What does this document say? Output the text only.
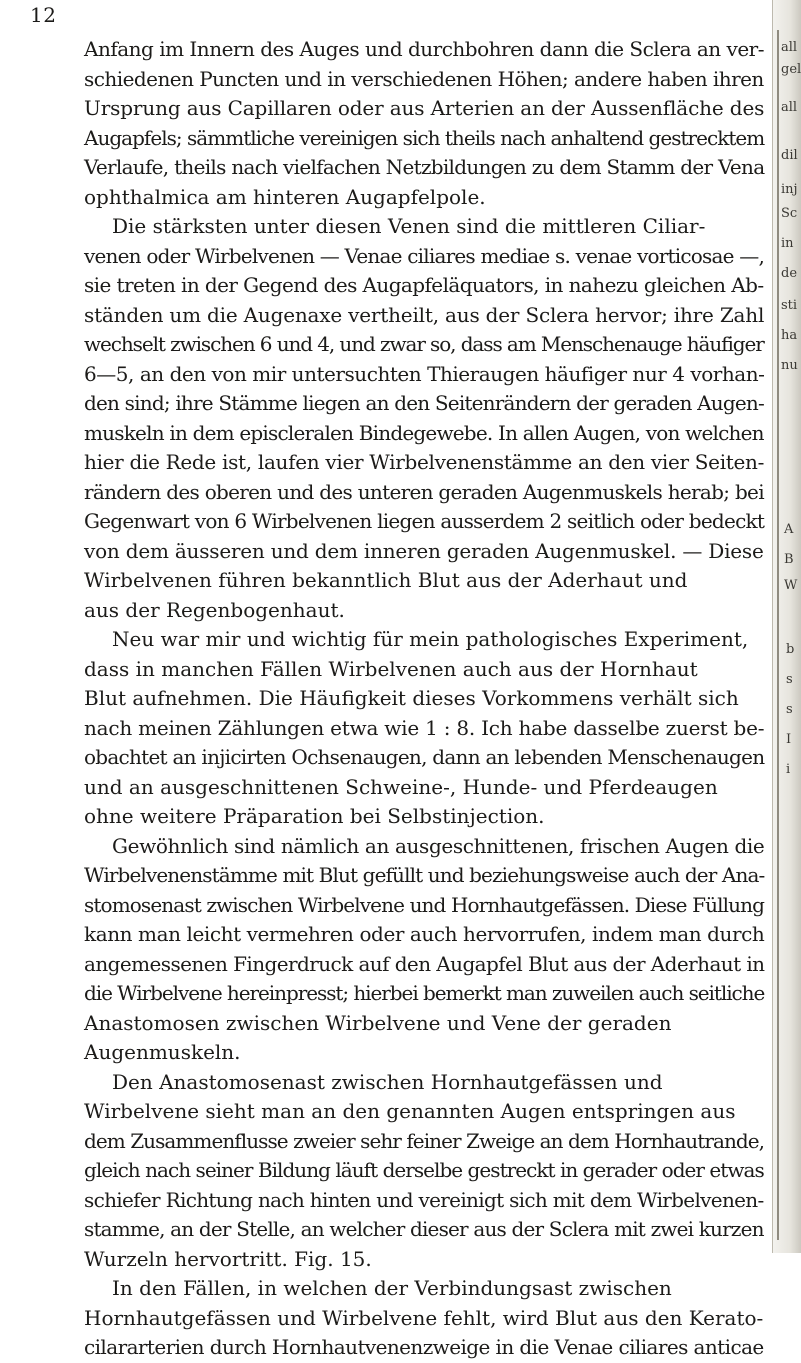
12
Anfang im Innern des Auges und durchbohren dann die Sclera an ver-
schiedenen Puncten und in verschiedenen Höhen; andere haben ihren
Ursprung aus Capillaren oder aus Arterien an der Aussenfläche des
Augapfels; sämmtliche vereinigen sich theils nach anhaltend gestrecktem
Verlaufe, theils nach vielfachen Netzbildungen zu dem Stamm der Vena
ophthalmica am hinteren Augapfelpole.
Die stärksten unter diesen Venen sind die mittleren Ciliar-
venen oder Wirbelvenen — Venae ciliares mediae s. venae vorticosae —,
sie treten in der Gegend des Augapfeläquators, in nahezu gleichen Ab-
ständen um die Augenaxe vertheilt, aus der Sclera hervor; ihre Zahl
wechselt zwischen 6 und 4, und zwar so, dass am Menschenauge häufiger
6—5, an den von mir untersuchten Thieraugen häufiger nur 4 vorhan-
den sind; ihre Stämme liegen an den Seitenrändern der geraden Augen-
muskeln in dem episcleralen Bindegewebe. In allen Augen, von welchen
hier die Rede ist, laufen vier Wirbelvenenstämme an den vier Seiten-
rändern des oberen und des unteren geraden Augenmuskels herab; bei
Gegenwart von 6 Wirbelvenen liegen ausserdem 2 seitlich oder bedeckt
von dem äusseren und dem inneren geraden Augenmuskel. — Diese
Wirbelvenen führen bekanntlich Blut aus der Aderhaut und
aus der Regenbogenhaut.
Neu war mir und wichtig für mein pathologisches Experiment,
dass in manchen Fällen Wirbelvenen auch aus der Hornhaut
Blut aufnehmen. Die Häufigkeit dieses Vorkommens verhält sich
nach meinen Zählungen etwa wie 1 : 8. Ich habe dasselbe zuerst be-
obachtet an injicirten Ochsenaugen, dann an lebenden Menschenaugen
und an ausgeschnittenen Schweine-, Hunde- und Pferdeaugen
ohne weitere Präparation bei Selbstinjection.
Gewöhnlich sind nämlich an ausgeschnittenen, frischen Augen die
Wirbelvenenstämme mit Blut gefüllt und beziehungsweise auch der Ana-
stomosenast zwischen Wirbelvene und Hornhautgefässen. Diese Füllung
kann man leicht vermehren oder auch hervorrufen, indem man durch
angemessenen Fingerdruck auf den Augapfel Blut aus der Aderhaut in
die Wirbelvene hereinpresst; hierbei bemerkt man zuweilen auch seitliche
Anastomosen zwischen Wirbelvene und Vene der geraden
Augenmuskeln.
Den Anastomosenast zwischen Hornhautgefässen und
Wirbelvene sieht man an den genannten Augen entspringen aus
dem Zusammenflusse zweier sehr feiner Zweige an dem Hornhautrande,
gleich nach seiner Bildung läuft derselbe gestreckt in gerader oder etwas
schiefer Richtung nach hinten und vereinigt sich mit dem Wirbelvenen-
stamme, an der Stelle, an welcher dieser aus der Sclera mit zwei kurzen
Wurzeln hervortritt. Fig. 15.
In den Fällen, in welchen der Verbindungsast zwischen
Hornhautgefässen und Wirbelvene fehlt, wird Blut aus den Kerato-
cilararterien durch Hornhautvenenzweige in die Venae ciliares anticae
all
gel
all
dil
inj
Sc
in
de
sti
ha
nu
A
B
W
b
s
s
I
i
